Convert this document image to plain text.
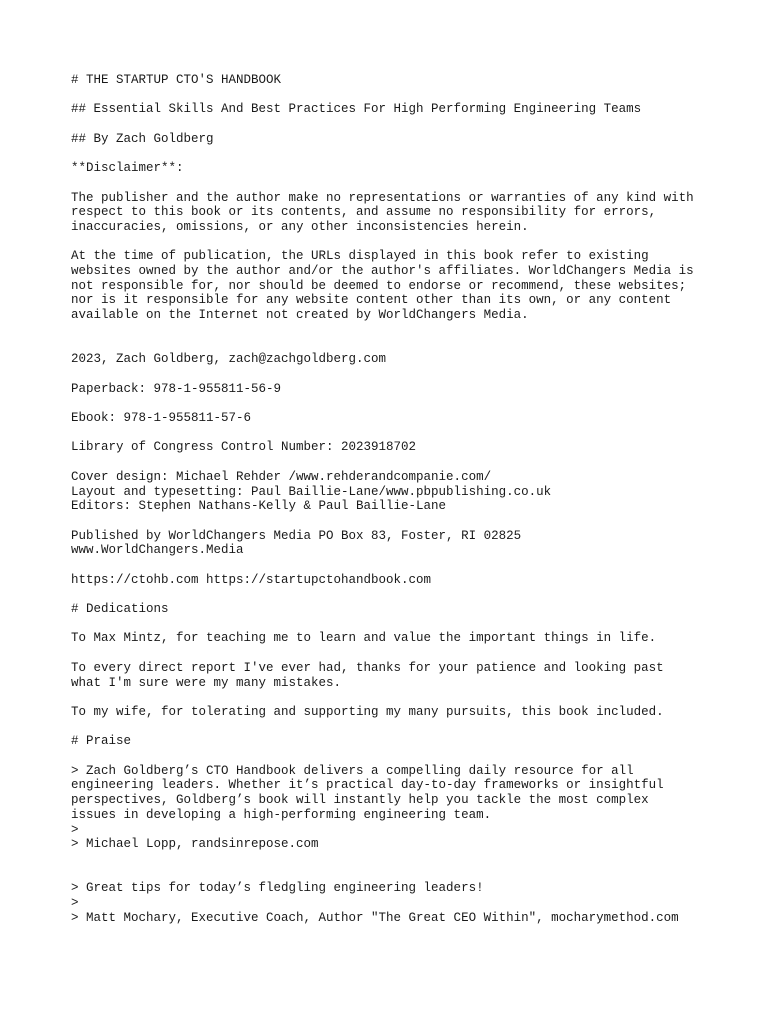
# THE STARTUP CTO'S HANDBOOK

## Essential Skills And Best Practices For High Performing Engineering Teams

## By Zach Goldberg

**Disclaimer**:

The publisher and the author make no representations or warranties of any kind with
respect to this book or its contents, and assume no responsibility for errors,
inaccuracies, omissions, or any other inconsistencies herein.

At the time of publication, the URLs displayed in this book refer to existing
websites owned by the author and/or the author's affiliates. WorldChangers Media is
not responsible for, nor should be deemed to endorse or recommend, these websites;
nor is it responsible for any website content other than its own, or any content
available on the Internet not created by WorldChangers Media.

2023, Zach Goldberg, zach@zachgoldberg.com

Paperback: 978-1-955811-56-9

Ebook: 978-1-955811-57-6

Library of Congress Control Number: 2023918702

Cover design: Michael Rehder /www.rehderandcompanie.com/
Layout and typesetting: Paul Baillie-Lane/www.pbpublishing.co.uk
Editors: Stephen Nathans-Kelly & Paul Baillie-Lane

Published by WorldChangers Media PO Box 83, Foster, RI 02825
www.WorldChangers.Media

https://ctohb.com https://startupctohandbook.com

# Dedications

To Max Mintz, for teaching me to learn and value the important things in life.

To every direct report I've ever had, thanks for your patience and looking past
what I'm sure were my many mistakes.

To my wife, for tolerating and supporting my many pursuits, this book included.

# Praise

> Zach Goldberg’s CTO Handbook delivers a compelling daily resource for all
engineering leaders. Whether it’s practical day-to-day frameworks or insightful
perspectives, Goldberg’s book will instantly help you tackle the most complex
issues in developing a high-performing engineering team.
>
> Michael Lopp, randsinrepose.com

> Great tips for today’s fledgling engineering leaders!
>
> Matt Mochary, Executive Coach, Author "The Great CEO Within", mocharymethod.com
